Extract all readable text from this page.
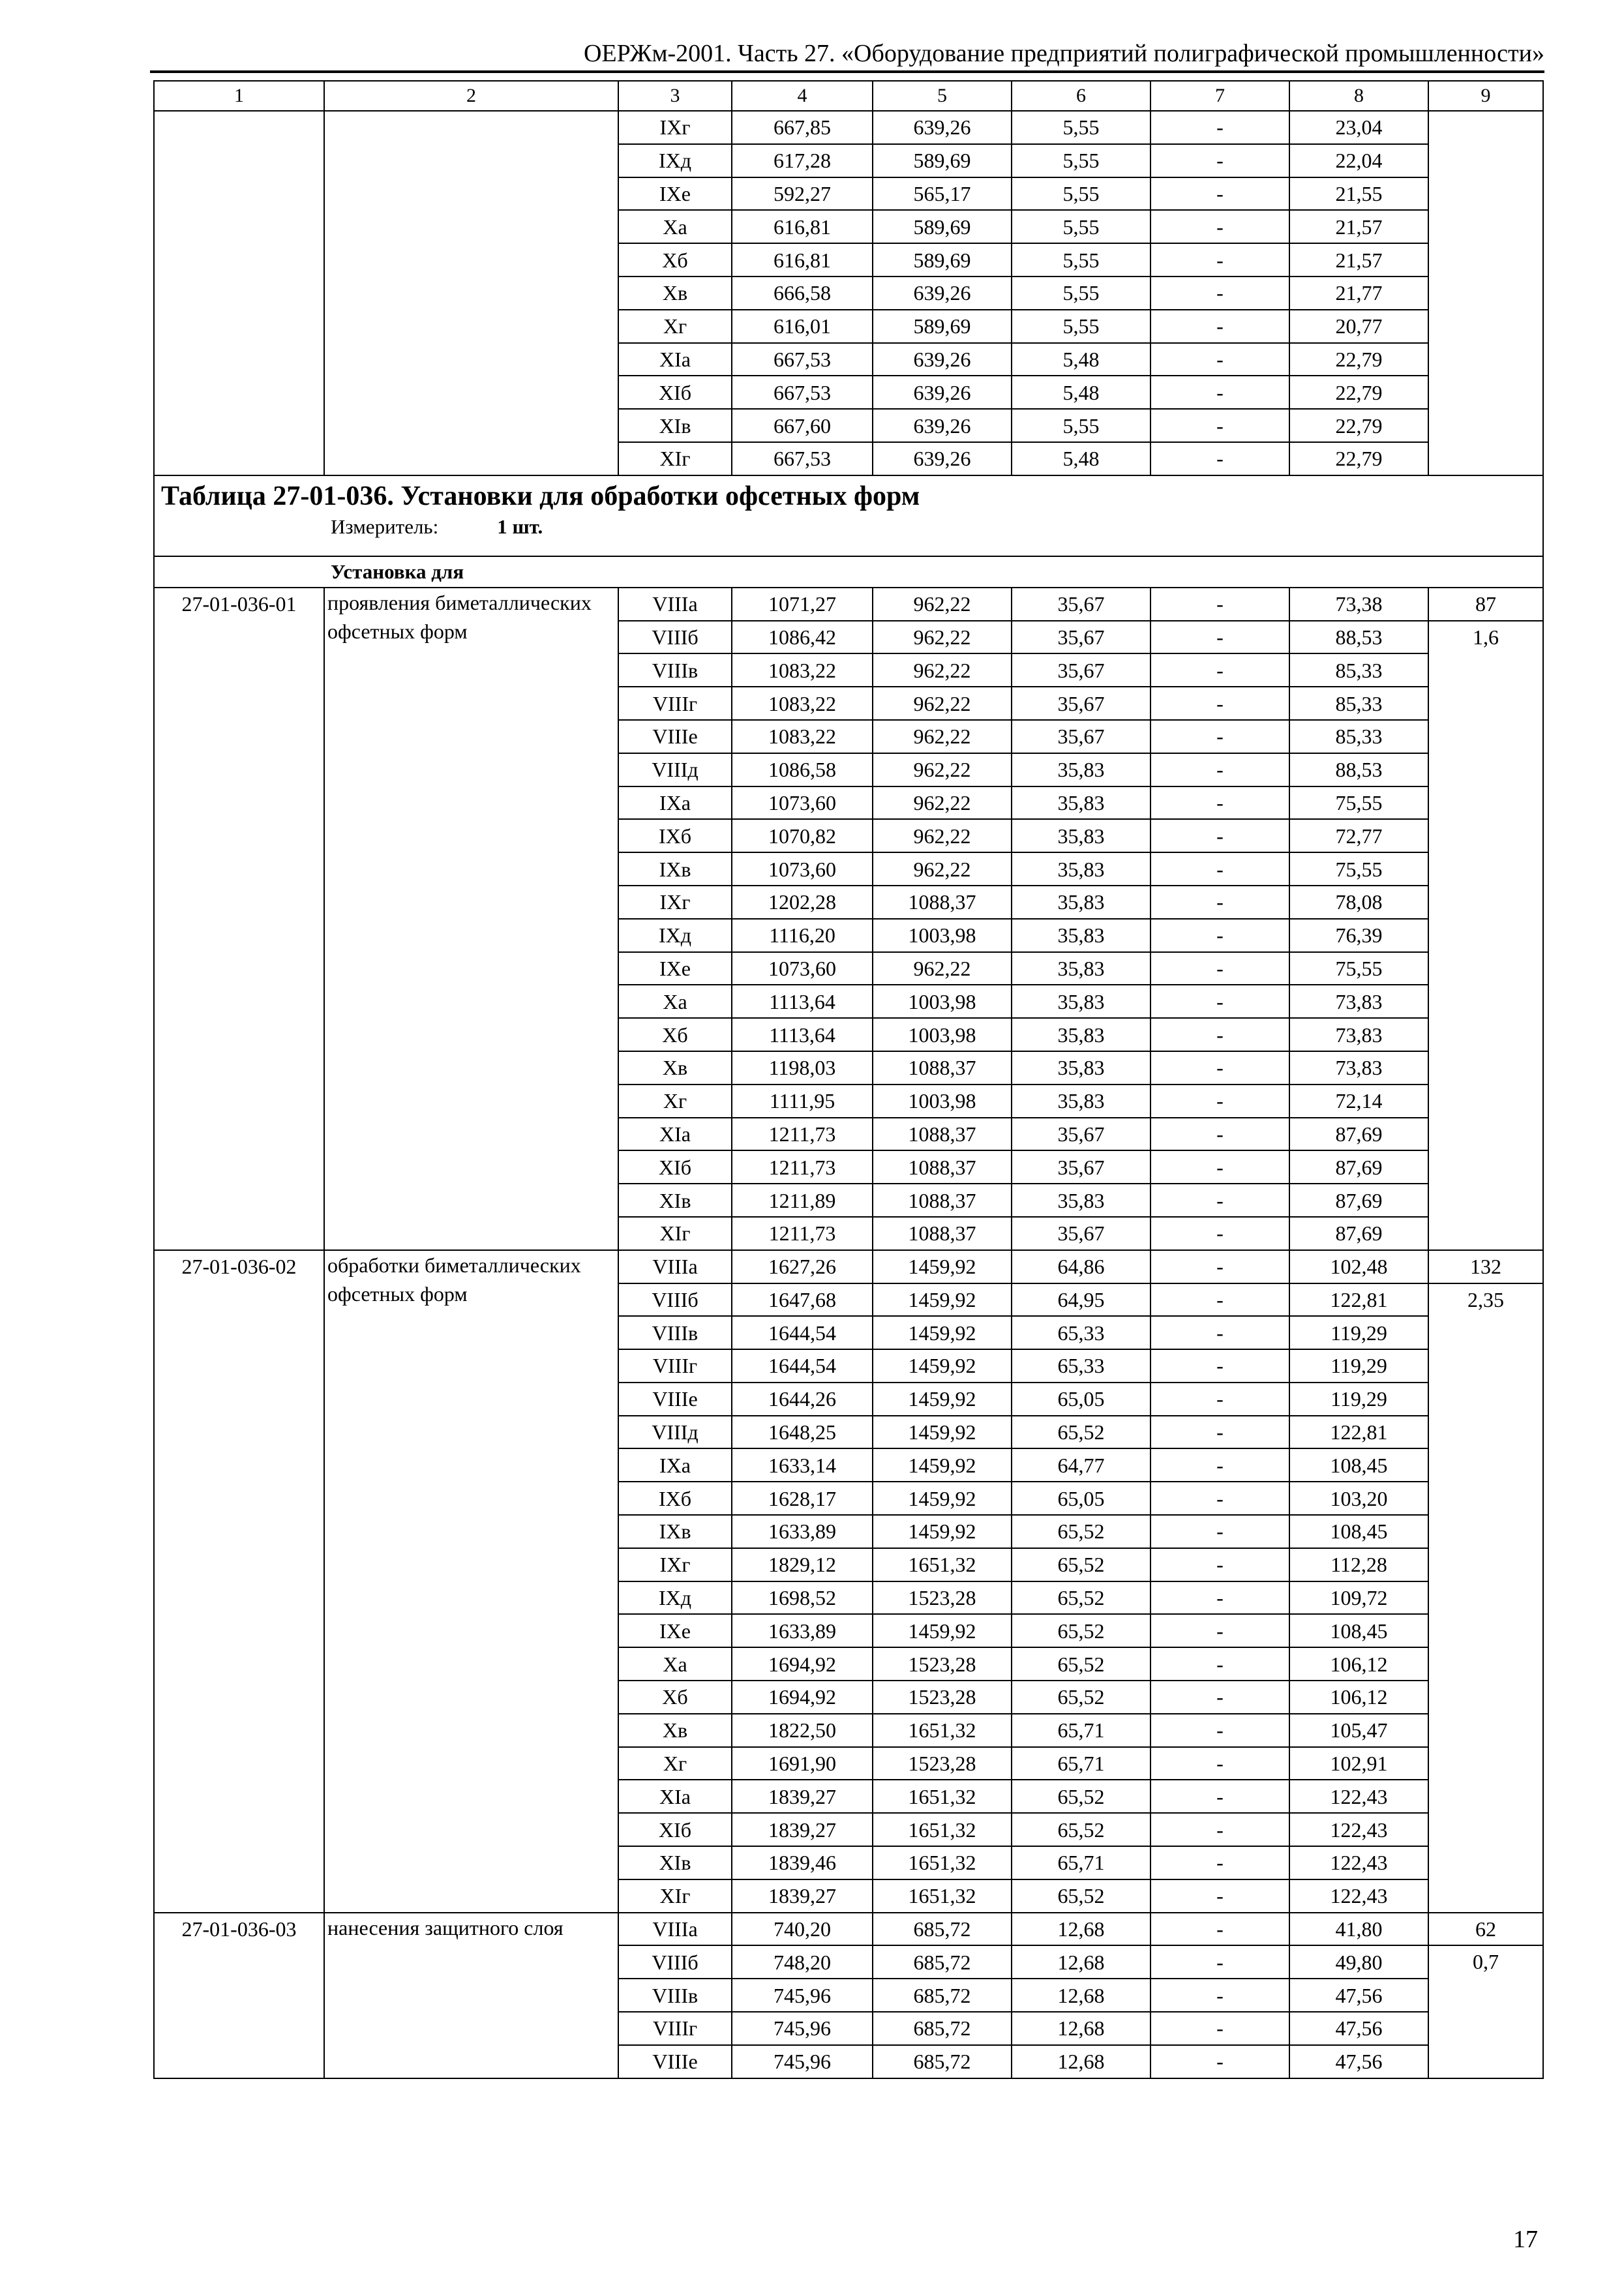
ОЕРЖм-2001. Часть 27. «Оборудование предприятий полиграфической промышленности»
1	2	3	4	5	6	7	8	9
		IXг	667,85	639,26	5,55	-	23,04	
		IXд	617,28	589,69	5,55	-	22,04	
		IXе	592,27	565,17	5,55	-	21,55	
		Xа	616,81	589,69	5,55	-	21,57	
		Xб	616,81	589,69	5,55	-	21,57	
		Xв	666,58	639,26	5,55	-	21,77	
		Xг	616,01	589,69	5,55	-	20,77	
		XIа	667,53	639,26	5,48	-	22,79	
		XIб	667,53	639,26	5,48	-	22,79	
		XIв	667,60	639,26	5,55	-	22,79	
		XIг	667,53	639,26	5,48	-	22,79	

Таблица 27-01-036. Установки для обработки офсетных форм
Измеритель: 1 шт.								

Установка для								
27-01-036-01	проявления биметаллических офсетных форм	VIIIа	1071,27	962,22	35,67	-	73,38	87
		VIIIб	1086,42	962,22	35,67	-	88,53	1,6
		VIIIв	1083,22	962,22	35,67	-	85,33	
		VIIIг	1083,22	962,22	35,67	-	85,33	
		VIIIе	1083,22	962,22	35,67	-	85,33	
		VIIIд	1086,58	962,22	35,83	-	88,53	
		IXа	1073,60	962,22	35,83	-	75,55	
		IXб	1070,82	962,22	35,83	-	72,77	
		IXв	1073,60	962,22	35,83	-	75,55	
		IXг	1202,28	1088,37	35,83	-	78,08	
		IXд	1116,20	1003,98	35,83	-	76,39	
		IXе	1073,60	962,22	35,83	-	75,55	
		Xа	1113,64	1003,98	35,83	-	73,83	
		Xб	1113,64	1003,98	35,83	-	73,83	
		Xв	1198,03	1088,37	35,83	-	73,83	
		Xг	1111,95	1003,98	35,83	-	72,14	
		XIа	1211,73	1088,37	35,67	-	87,69	
		XIб	1211,73	1088,37	35,67	-	87,69	
		XIв	1211,89	1088,37	35,83	-	87,69	
		XIг	1211,73	1088,37	35,67	-	87,69	
27-01-036-02	обработки биметаллических офсетных форм	VIIIа	1627,26	1459,92	64,86	-	102,48	132
		VIIIб	1647,68	1459,92	64,95	-	122,81	2,35
		VIIIв	1644,54	1459,92	65,33	-	119,29	
		VIIIг	1644,54	1459,92	65,33	-	119,29	
		VIIIе	1644,26	1459,92	65,05	-	119,29	
		VIIIд	1648,25	1459,92	65,52	-	122,81	
		IXа	1633,14	1459,92	64,77	-	108,45	
		IXб	1628,17	1459,92	65,05	-	103,20	
		IXв	1633,89	1459,92	65,52	-	108,45	
		IXг	1829,12	1651,32	65,52	-	112,28	
		IXд	1698,52	1523,28	65,52	-	109,72	
		IXе	1633,89	1459,92	65,52	-	108,45	
		Xа	1694,92	1523,28	65,52	-	106,12	
		Xб	1694,92	1523,28	65,52	-	106,12	
		Xв	1822,50	1651,32	65,71	-	105,47	
		Xг	1691,90	1523,28	65,71	-	102,91	
		XIа	1839,27	1651,32	65,52	-	122,43	
		XIб	1839,27	1651,32	65,52	-	122,43	
		XIв	1839,46	1651,32	65,71	-	122,43	
		XIг	1839,27	1651,32	65,52	-	122,43	
27-01-036-03	нанесения защитного слоя	VIIIа	740,20	685,72	12,68	-	41,80	62
		VIIIб	748,20	685,72	12,68	-	49,80	0,7
		VIIIв	745,96	685,72	12,68	-	47,56	
		VIIIг	745,96	685,72	12,68	-	47,56	
		VIIIе	745,96	685,72	12,68	-	47,56	
17
